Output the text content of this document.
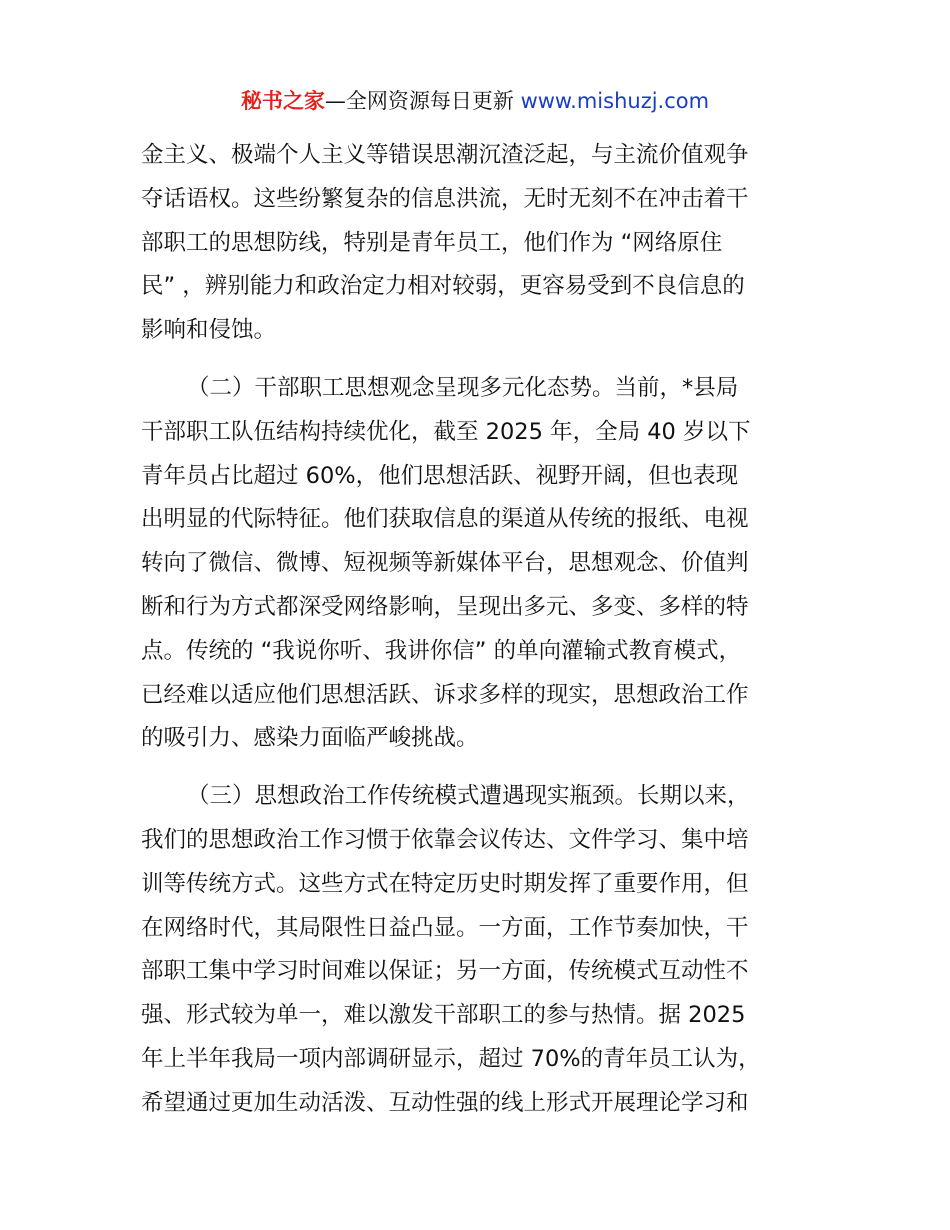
秘书之家—全网资源每日更新 www.mishuzj.com
金主义、极端个人主义等错误思潮沉渣泛起，与主流价值观争
夺话语权。这些纷繁复杂的信息洪流，无时无刻不在冲击着干
部职工的思想防线，特别是青年员工，他们作为 “网络原住
民” ，辨别能力和政治定力相对较弱，更容易受到不良信息的
影响和侵蚀。
（二）干部职工思想观念呈现多元化态势。当前，*县局
干部职工队伍结构持续优化，截至 2025 年，全局 40 岁以下
青年员占比超过 60%，他们思想活跃、视野开阔，但也表现
出明显的代际特征。他们获取信息的渠道从传统的报纸、电视
转向了微信、微博、短视频等新媒体平台，思想观念、价值判
断和行为方式都深受网络影响，呈现出多元、多变、多样的特
点。传统的 “我说你听、我讲你信” 的单向灌输式教育模式，
已经难以适应他们思想活跃、诉求多样的现实，思想政治工作
的吸引力、感染力面临严峻挑战。
（三）思想政治工作传统模式遭遇现实瓶颈。长期以来，
我们的思想政治工作习惯于依靠会议传达、文件学习、集中培
训等传统方式。这些方式在特定历史时期发挥了重要作用，但
在网络时代，其局限性日益凸显。一方面，工作节奏加快，干
部职工集中学习时间难以保证；另一方面，传统模式互动性不
强、形式较为单一，难以激发干部职工的参与热情。据 2025
年上半年我局一项内部调研显示，超过 70%的青年员工认为，
希望通过更加生动活泼、互动性强的线上形式开展理论学习和
